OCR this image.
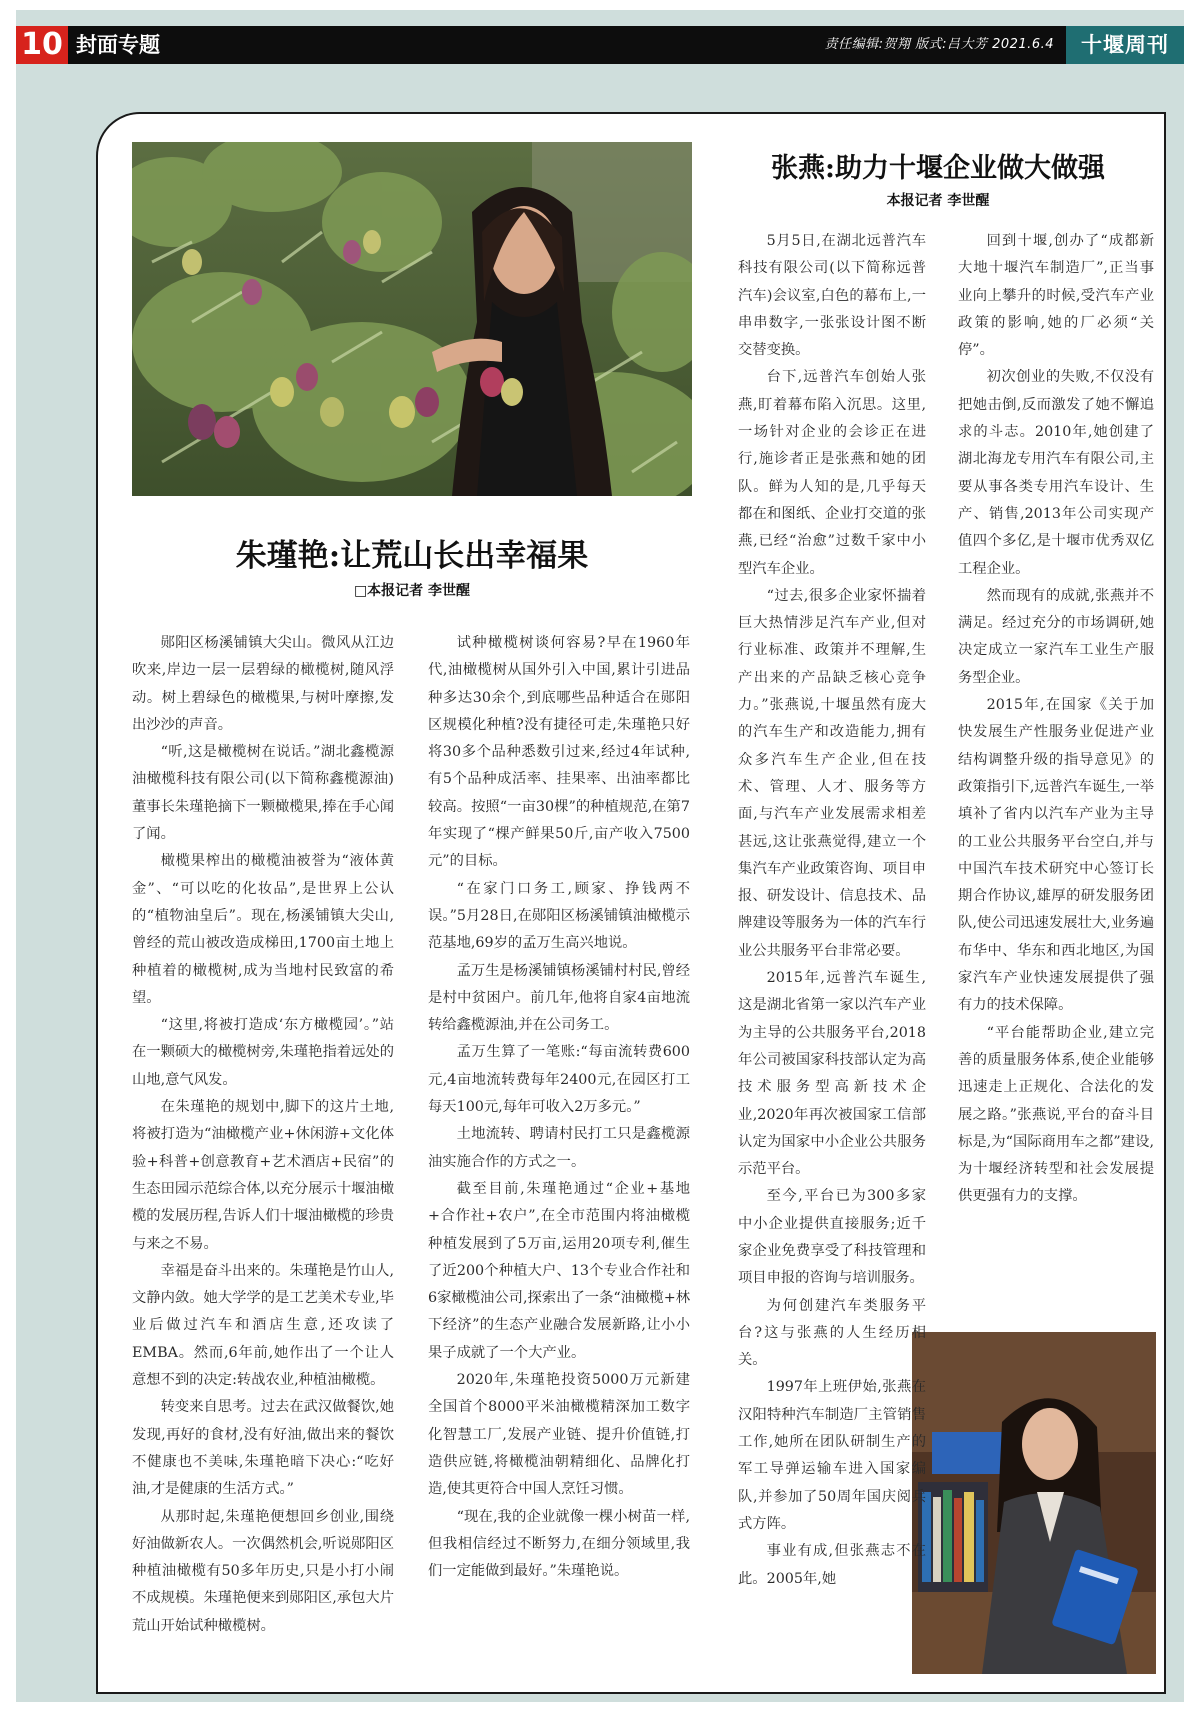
10 封面专题	责任编辑:贺翔 版式:吕大芳 2021.6.4	十堰周刊
朱瑾艳:让荒山长出幸福果
□本报记者 李世醒
张燕:助力十堰企业做大做强
本报记者 李世醒

郧阳区杨溪铺镇大尖山。微风从江边吹来,岸边一层一层碧绿的橄榄树,随风浮动。树上碧绿色的橄榄果,与树叶摩擦,发出沙沙的声音。

“听,这是橄榄树在说话。”湖北鑫榄源油橄榄科技有限公司(以下简称鑫榄源油)董事长朱瑾艳摘下一颗橄榄果,捧在手心闻了闻。

橄榄果榨出的橄榄油被誉为“液体黄金”、“可以吃的化妆品”,是世界上公认的“植物油皇后”。现在,杨溪铺镇大尖山,曾经的荒山被改造成梯田,1700亩土地上种植着的橄榄树,成为当地村民致富的希望。

“这里,将被打造成‘东方橄榄园’。”站在一颗硕大的橄榄树旁,朱瑾艳指着远处的山地,意气风发。

在朱瑾艳的规划中,脚下的这片土地,将被打造为“油橄榄产业+休闲游+文化体验+科普+创意教育+艺术酒店+民宿”的生态田园示范综合体,以充分展示十堰油橄榄的发展历程,告诉人们十堰油橄榄的珍贵与来之不易。

幸福是奋斗出来的。朱瑾艳是竹山人,文静内敛。她大学学的是工艺美术专业,毕业后做过汽车和酒店生意,还攻读了EMBA。然而,6年前,她作出了一个让人意想不到的决定:转战农业,种植油橄榄。

转变来自思考。过去在武汉做餐饮,她发现,再好的食材,没有好油,做出来的餐饮不健康也不美味,朱瑾艳暗下决心:“吃好油,才是健康的生活方式。”

从那时起,朱瑾艳便想回乡创业,围绕好油做新农人。一次偶然机会,听说郧阳区种植油橄榄有50多年历史,只是小打小闹不成规模。朱瑾艳便来到郧阳区,承包大片荒山开始试种橄榄树。

试种橄榄树谈何容易?早在1960年代,油橄榄树从国外引入中国,累计引进品种多达30余个,到底哪些品种适合在郧阳区规模化种植?没有捷径可走,朱瑾艳只好将30多个品种悉数引过来,经过4年试种,有5个品种成活率、挂果率、出油率都比较高。按照“一亩30棵”的种植规范,在第7年实现了“棵产鲜果50斤,亩产收入7500元”的目标。

“在家门口务工,顾家、挣钱两不误。”5月28日,在郧阳区杨溪铺镇油橄榄示范基地,69岁的孟万生高兴地说。

孟万生是杨溪铺镇杨溪铺村村民,曾经是村中贫困户。前几年,他将自家4亩地流转给鑫榄源油,并在公司务工。

孟万生算了一笔账:“每亩流转费600元,4亩地流转费每年2400元,在园区打工每天100元,每年可收入2万多元。”

土地流转、聘请村民打工只是鑫榄源油实施合作的方式之一。

截至目前,朱瑾艳通过“企业+基地+合作社+农户”,在全市范围内将油橄榄种植发展到了5万亩,运用20项专利,催生了近200个种植大户、13个专业合作社和6家橄榄油公司,探索出了一条“油橄榄+林下经济”的生态产业融合发展新路,让小小果子成就了一个大产业。

2020年,朱瑾艳投资5000万元新建全国首个8000平米油橄榄精深加工数字化智慧工厂,发展产业链、提升价值链,打造供应链,将橄榄油朝精细化、品牌化打造,使其更符合中国人烹饪习惯。

“现在,我的企业就像一棵小树苗一样,但我相信经过不断努力,在细分领域里,我们一定能做到最好。”朱瑾艳说。

5月5日,在湖北远普汽车科技有限公司(以下简称远普汽车)会议室,白色的幕布上,一串串数字,一张张设计图不断交替变换。

台下,远普汽车创始人张燕,盯着幕布陷入沉思。这里,一场针对企业的会诊正在进行,施诊者正是张燕和她的团队。鲜为人知的是,几乎每天都在和图纸、企业打交道的张燕,已经“治愈”过数千家中小型汽车企业。

“过去,很多企业家怀揣着巨大热情涉足汽车产业,但对行业标准、政策并不理解,生产出来的产品缺乏核心竞争力。”张燕说,十堰虽然有庞大的汽车生产和改造能力,拥有众多汽车生产企业,但在技术、管理、人才、服务等方面,与汽车产业发展需求相差甚远,这让张燕觉得,建立一个集汽车产业政策咨询、项目申报、研发设计、信息技术、品牌建设等服务为一体的汽车行业公共服务平台非常必要。

2015年,远普汽车诞生,这是湖北省第一家以汽车产业为主导的公共服务平台,2018年公司被国家科技部认定为高技术服务型高新技术企业,2020年再次被国家工信部认定为国家中小企业公共服务示范平台。

至今,平台已为300多家中小企业提供直接服务;近千家企业免费享受了科技管理和项目申报的咨询与培训服务。

为何创建汽车类服务平台?这与张燕的人生经历相关。

1997年上班伊始,张燕在汉阳特种汽车制造厂主管销售工作,她所在团队研制生产的军工导弹运输车进入国家编队,并参加了50周年国庆阅兵式方阵。

事业有成,但张燕志不在此。2005年,她

回到十堰,创办了“成都新大地十堰汽车制造厂”,正当事业向上攀升的时候,受汽车产业政策的影响,她的厂必须“关停”。

初次创业的失败,不仅没有把她击倒,反而激发了她不懈追求的斗志。2010年,她创建了湖北海龙专用汽车有限公司,主要从事各类专用汽车设计、生产、销售,2013年公司实现产值四个多亿,是十堰市优秀双亿工程企业。

然而现有的成就,张燕并不满足。经过充分的市场调研,她决定成立一家汽车工业生产服务型企业。

2015年,在国家《关于加快发展生产性服务业促进产业结构调整升级的指导意见》的政策指引下,远普汽车诞生,一举填补了省内以汽车产业为主导的工业公共服务平台空白,并与中国汽车技术研究中心签订长期合作协议,雄厚的研发服务团队,使公司迅速发展壮大,业务遍布华中、华东和西北地区,为国家汽车产业快速发展提供了强有力的技术保障。

“平台能帮助企业,建立完善的质量服务体系,使企业能够迅速走上正规化、合法化的发展之路。”张燕说,平台的奋斗目标是,为“国际商用车之都”建设,为十堰经济转型和社会发展提供更强有力的支撑。
